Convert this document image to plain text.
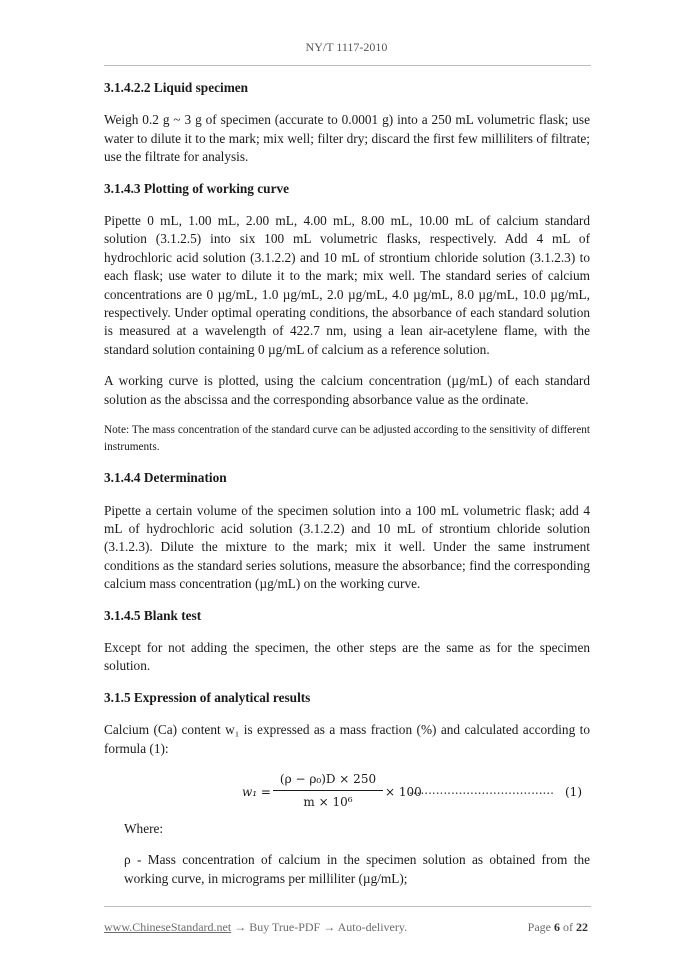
NY/T 1117-2010
3.1.4.2.2 Liquid specimen

Weigh 0.2 g ~ 3 g of specimen (accurate to 0.0001 g) into a 250 mL volumetric flask; use water to dilute it to the mark; mix well; filter dry; discard the first few milliliters of filtrate; use the filtrate for analysis.

3.1.4.3 Plotting of working curve

Pipette 0 mL, 1.00 mL, 2.00 mL, 4.00 mL, 8.00 mL, 10.00 mL of calcium standard solution (3.1.2.5) into six 100 mL volumetric flasks, respectively. Add 4 mL of hydrochloric acid solution (3.1.2.2) and 10 mL of strontium chloride solution (3.1.2.3) to each flask; use water to dilute it to the mark; mix well. The standard series of calcium concentrations are 0 µg/mL, 1.0 µg/mL, 2.0 µg/mL, 4.0 µg/mL, 8.0 µg/mL, 10.0 µg/mL, respectively. Under optimal operating conditions, the absorbance of each standard solution is measured at a wavelength of 422.7 nm, using a lean air-acetylene flame, with the standard solution containing 0 µg/mL of calcium as a reference solution.

A working curve is plotted, using the calcium concentration (µg/mL) of each standard solution as the abscissa and the corresponding absorbance value as the ordinate.

Note: The mass concentration of the standard curve can be adjusted according to the sensitivity of different instruments.

3.1.4.4 Determination

Pipette a certain volume of the specimen solution into a 100 mL volumetric flask; add 4 mL of hydrochloric acid solution (3.1.2.2) and 10 mL of strontium chloride solution (3.1.2.3). Dilute the mixture to the mark; mix it well. Under the same instrument conditions as the standard series solutions, measure the absorbance; find the corresponding calcium mass concentration (µg/mL) on the working curve.

3.1.4.5 Blank test

Except for not adding the specimen, the other steps are the same as for the specimen solution.

3.1.5 Expression of analytical results

Calcium (Ca) content w₁ is expressed as a mass fraction (%) and calculated according to formula (1):

$w_1 = \frac{\text{(ρ − ρ₀)D × 250}}{\text{m × 10⁶}} \times 100$
...................................... (1)

Where:

ρ - Mass concentration of calcium in the specimen solution as obtained from the working curve, in micrograms per milliliter (µg/mL);

www.ChineseStandard.net → Buy True-PDF → Auto-delivery.	Page 6 of 22
